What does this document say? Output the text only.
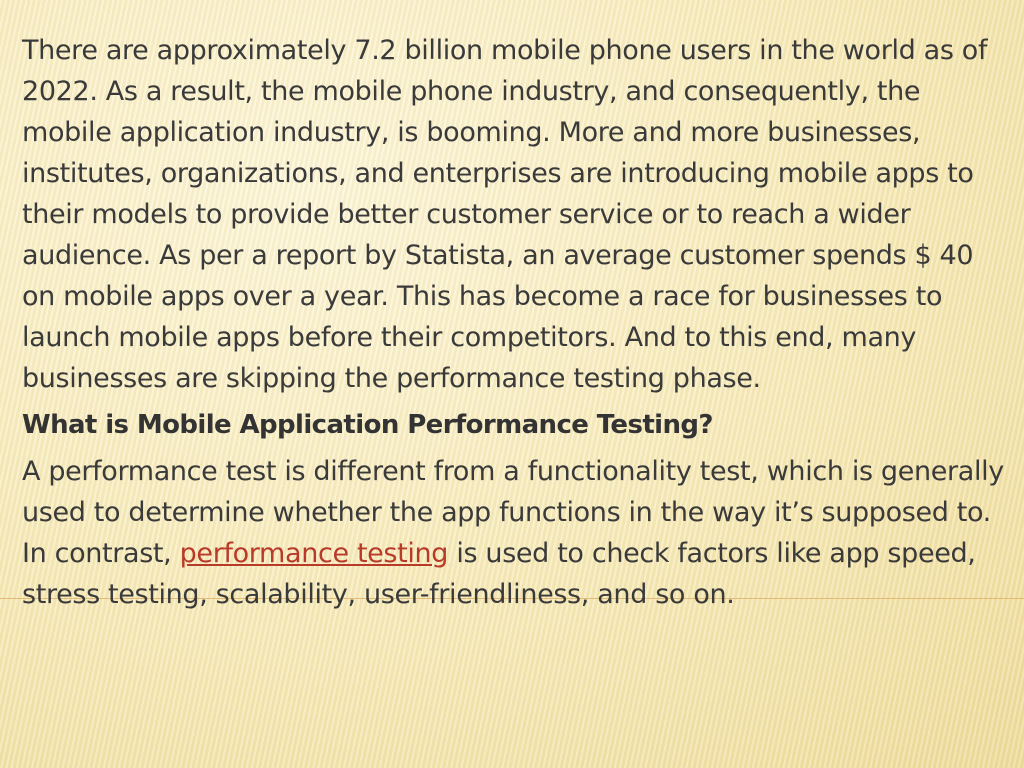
There are approximately 7.2 billion mobile phone users in the world as of 2022. As a result, the mobile phone industry, and consequently, the mobile application industry, is booming. More and more businesses, institutes, organizations, and enterprises are introducing mobile apps to their models to provide better customer service or to reach a wider audience. As per a report by Statista, an average customer spends $ 40 on mobile apps over a year. This has become a race for businesses to launch mobile apps before their competitors. And to this end, many businesses are skipping the performance testing phase.

What is Mobile Application Performance Testing?

A performance test is different from a functionality test, which is generally used to determine whether the app functions in the way it’s supposed to. In contrast, performance testing is used to check factors like app speed, stress testing, scalability, user-friendliness, and so on.
